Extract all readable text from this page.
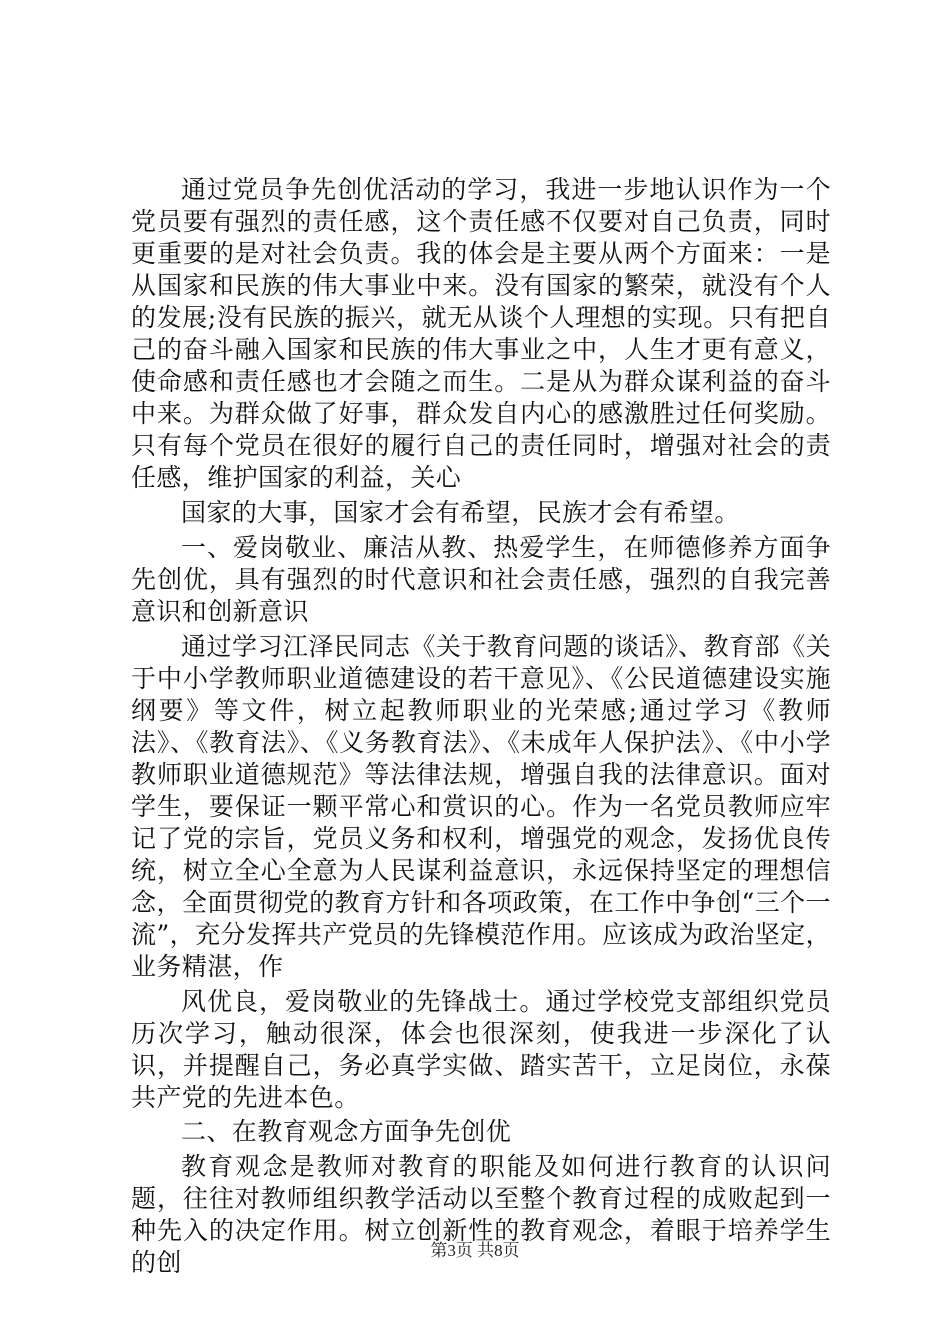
通过党员争先创优活动的学习，我进一步地认识作为一个党员要有强烈的责任感，这个责任感不仅要对自己负责，同时更重要的是对社会负责。我的体会是主要从两个方面来：一是从国家和民族的伟大事业中来。没有国家的繁荣，就没有个人的发展;没有民族的振兴，就无从谈个人理想的实现。只有把自己的奋斗融入国家和民族的伟大事业之中，人生才更有意义，使命感和责任感也才会随之而生。二是从为群众谋利益的奋斗中来。为群众做了好事，群众发自内心的感激胜过任何奖励。只有每个党员在很好的履行自己的责任同时，增强对社会的责任感，维护国家的利益，关心

国家的大事，国家才会有希望，民族才会有希望。

一、爱岗敬业、廉洁从教、热爱学生，在师德修养方面争先创优，具有强烈的时代意识和社会责任感，强烈的自我完善意识和创新意识

通过学习江泽民同志《关于教育问题的谈话》、教育部《关于中小学教师职业道德建设的若干意见》、《公民道德建设实施纲要》等文件，树立起教师职业的光荣感;通过学习《教师法》、《教育法》、《义务教育法》、《未成年人保护法》、《中小学教师职业道德规范》等法律法规，增强自我的法律意识。面对学生，要保证一颗平常心和赏识的心。作为一名党员教师应牢记了党的宗旨，党员义务和权利，增强党的观念，发扬优良传统，树立全心全意为人民谋利益意识，永远保持坚定的理想信念，全面贯彻党的教育方针和各项政策，在工作中争创“三个一流”，充分发挥共产党员的先锋模范作用。应该成为政治坚定，业务精湛，作

风优良，爱岗敬业的先锋战士。通过学校党支部组织党员历次学习，触动很深，体会也很深刻，使我进一步深化了认识，并提醒自己，务必真学实做、踏实苦干，立足岗位，永葆共产党的先进本色。

二、在教育观念方面争先创优

教育观念是教师对教育的职能及如何进行教育的认识问题，往往对教师组织教学活动以至整个教育过程的成败起到一种先入的决定作用。树立创新性的教育观念，着眼于培养学生的创	第3页 共8页
